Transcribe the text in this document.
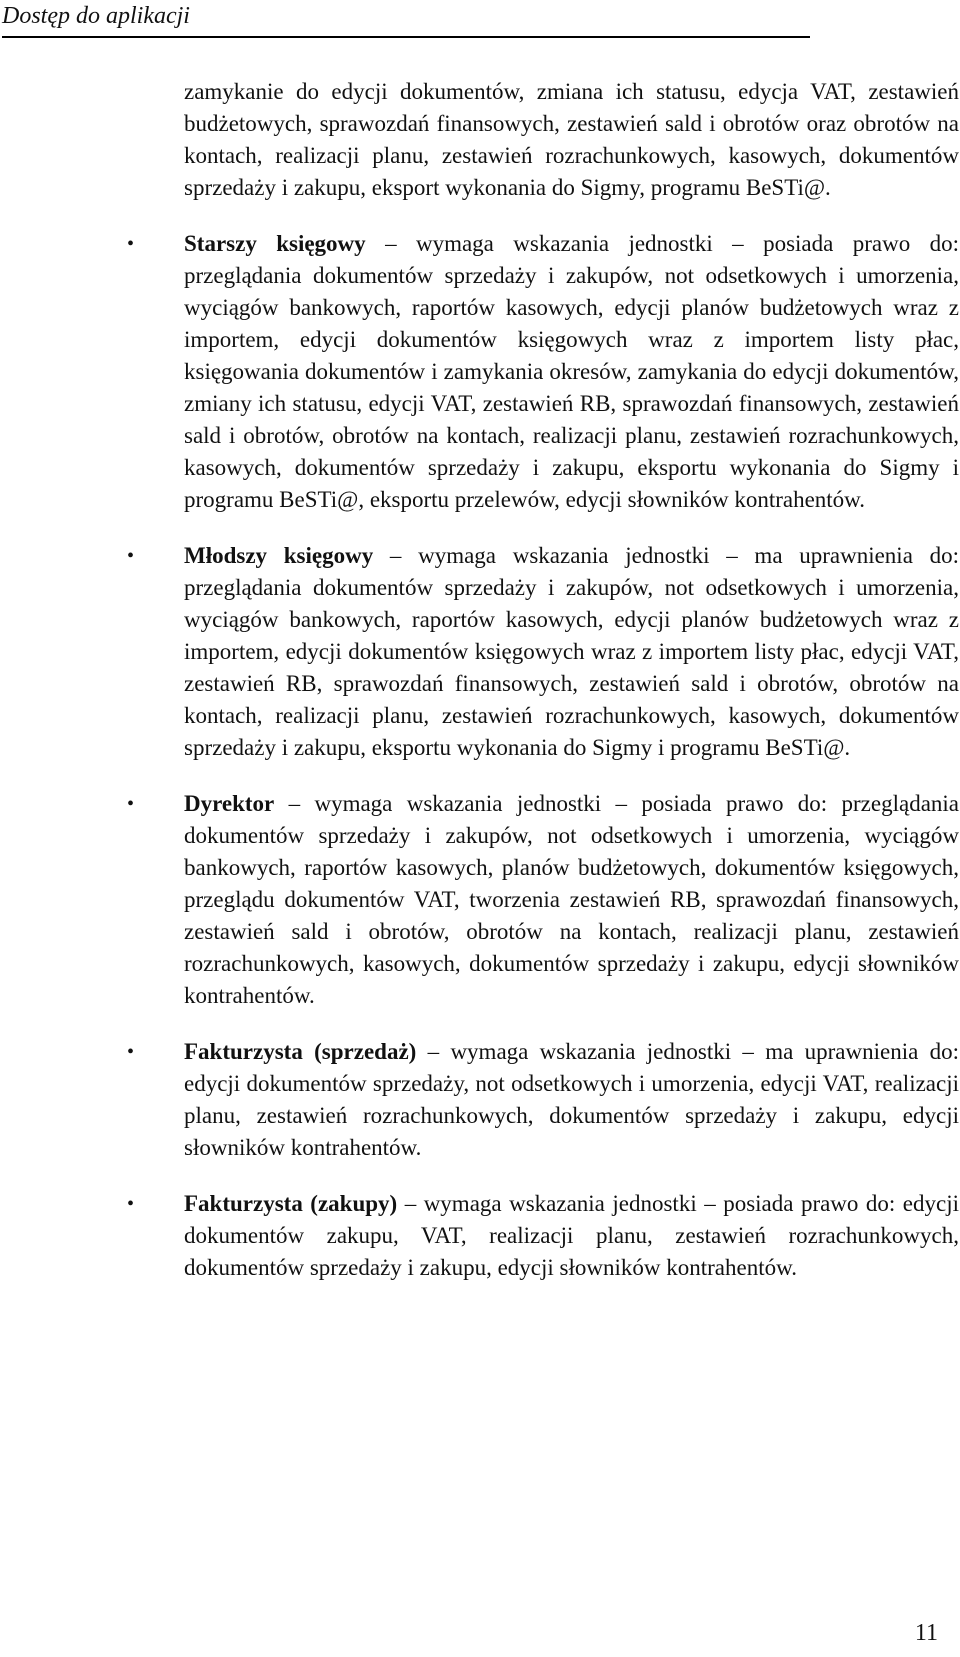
Dostęp do aplikacji

zamykanie do edycji dokumentów, zmiana ich statusu, edycja VAT, zestawień budżetowych, sprawozdań finansowych, zestawień sald i obrotów oraz obrotów na kontach, realizacji planu, zestawień rozrachunkowych, kasowych, dokumentów sprzedaży i zakupu, eksport wykonania do Sigmy, programu BeSTi@.

• Starszy księgowy – wymaga wskazania jednostki – posiada prawo do: przeglądania dokumentów sprzedaży i zakupów, not odsetkowych i umorzenia, wyciągów bankowych, raportów kasowych, edycji planów budżetowych wraz z importem, edycji dokumentów księgowych wraz z importem listy płac, księgowania dokumentów i zamykania okresów, zamykania do edycji dokumentów, zmiany ich statusu, edycji VAT, zestawień RB, sprawozdań finansowych, zestawień sald i obrotów, obrotów na kontach, realizacji planu, zestawień rozrachunkowych, kasowych, dokumentów sprzedaży i zakupu, eksportu wykonania do Sigmy i programu BeSTi@, eksportu przelewów, edycji słowników kontrahentów.

• Młodszy księgowy – wymaga wskazania jednostki – ma uprawnienia do: przeglądania dokumentów sprzedaży i zakupów, not odsetkowych i umorzenia, wyciągów bankowych, raportów kasowych, edycji planów budżetowych wraz z importem, edycji dokumentów księgowych wraz z importem listy płac, edycji VAT, zestawień RB, sprawozdań finansowych, zestawień sald i obrotów, obrotów na kontach, realizacji planu, zestawień rozrachunkowych, kasowych, dokumentów sprzedaży i zakupu, eksportu wykonania do Sigmy i programu BeSTi@.

• Dyrektor – wymaga wskazania jednostki – posiada prawo do: przeglądania dokumentów sprzedaży i zakupów, not odsetkowych i umorzenia, wyciągów bankowych, raportów kasowych, planów budżetowych, dokumentów księgowych, przeglądu dokumentów VAT, tworzenia zestawień RB, sprawozdań finansowych, zestawień sald i obrotów, obrotów na kontach, realizacji planu, zestawień rozrachunkowych, kasowych, dokumentów sprzedaży i zakupu, edycji słowników kontrahentów.

• Fakturzysta (sprzedaż) – wymaga wskazania jednostki – ma uprawnienia do: edycji dokumentów sprzedaży, not odsetkowych i umorzenia, edycji VAT, realizacji planu, zestawień rozrachunkowych, dokumentów sprzedaży i zakupu, edycji słowników kontrahentów.

• Fakturzysta (zakupy) – wymaga wskazania jednostki – posiada prawo do: edycji dokumentów zakupu, VAT, realizacji planu, zestawień rozrachunkowych, dokumentów sprzedaży i zakupu, edycji słowników kontrahentów.

11
